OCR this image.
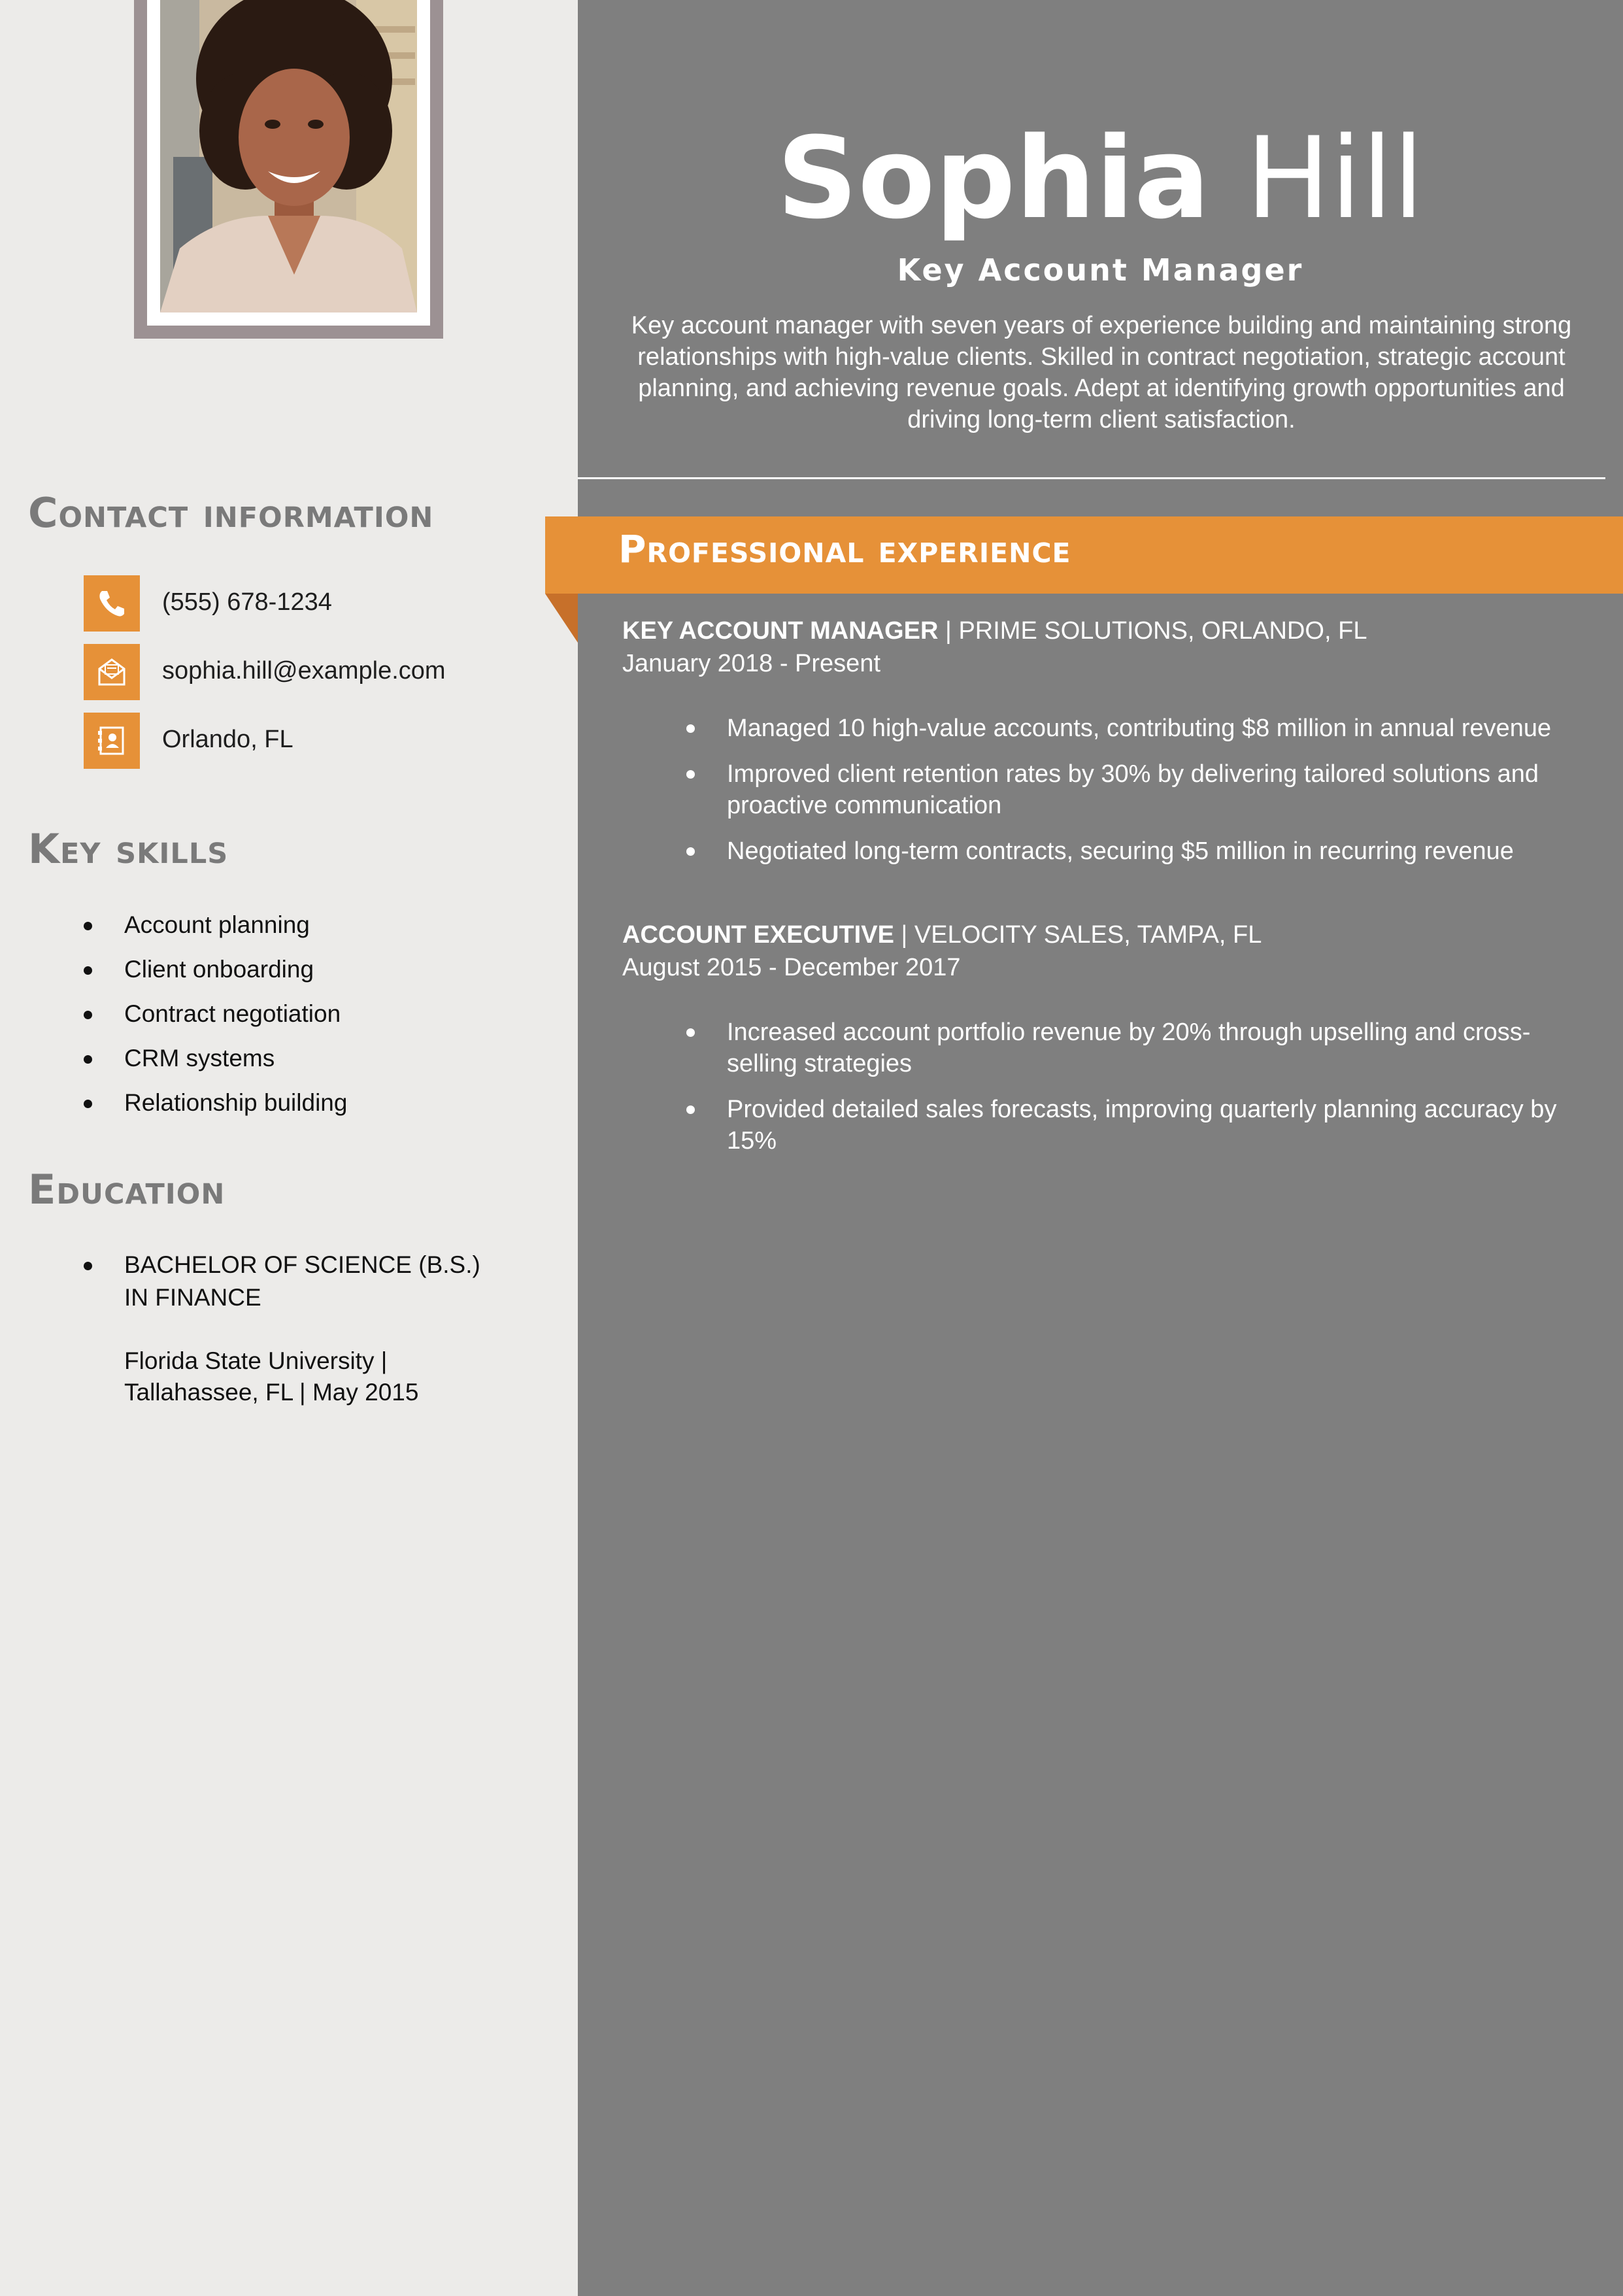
Contact information
(555) 678-1234
sophia.hill@example.com
Orlando, FL
Key skills
Account planning
Client onboarding
Contract negotiation
CRM systems
Relationship building
Education
BACHELOR OF SCIENCE (B.S.) IN FINANCE
Florida State University | Tallahassee, FL | May 2015
Sophia Hill
Key Account Manager
Key account manager with seven years of experience building and maintaining strong relationships with high-value clients. Skilled in contract negotiation, strategic account planning, and achieving revenue goals. Adept at identifying growth opportunities and driving long-term client satisfaction.
Professional experience
KEY ACCOUNT MANAGER | PRIME SOLUTIONS, ORLANDO, FL
January 2018 - Present
Managed 10 high-value accounts, contributing $8 million in annual revenue
Improved client retention rates by 30% by delivering tailored solutions and proactive communication
Negotiated long-term contracts, securing $5 million in recurring revenue
ACCOUNT EXECUTIVE | VELOCITY SALES, TAMPA, FL
August 2015 - December 2017
Increased account portfolio revenue by 20% through upselling and cross-selling strategies
Provided detailed sales forecasts, improving quarterly planning accuracy by 15%
